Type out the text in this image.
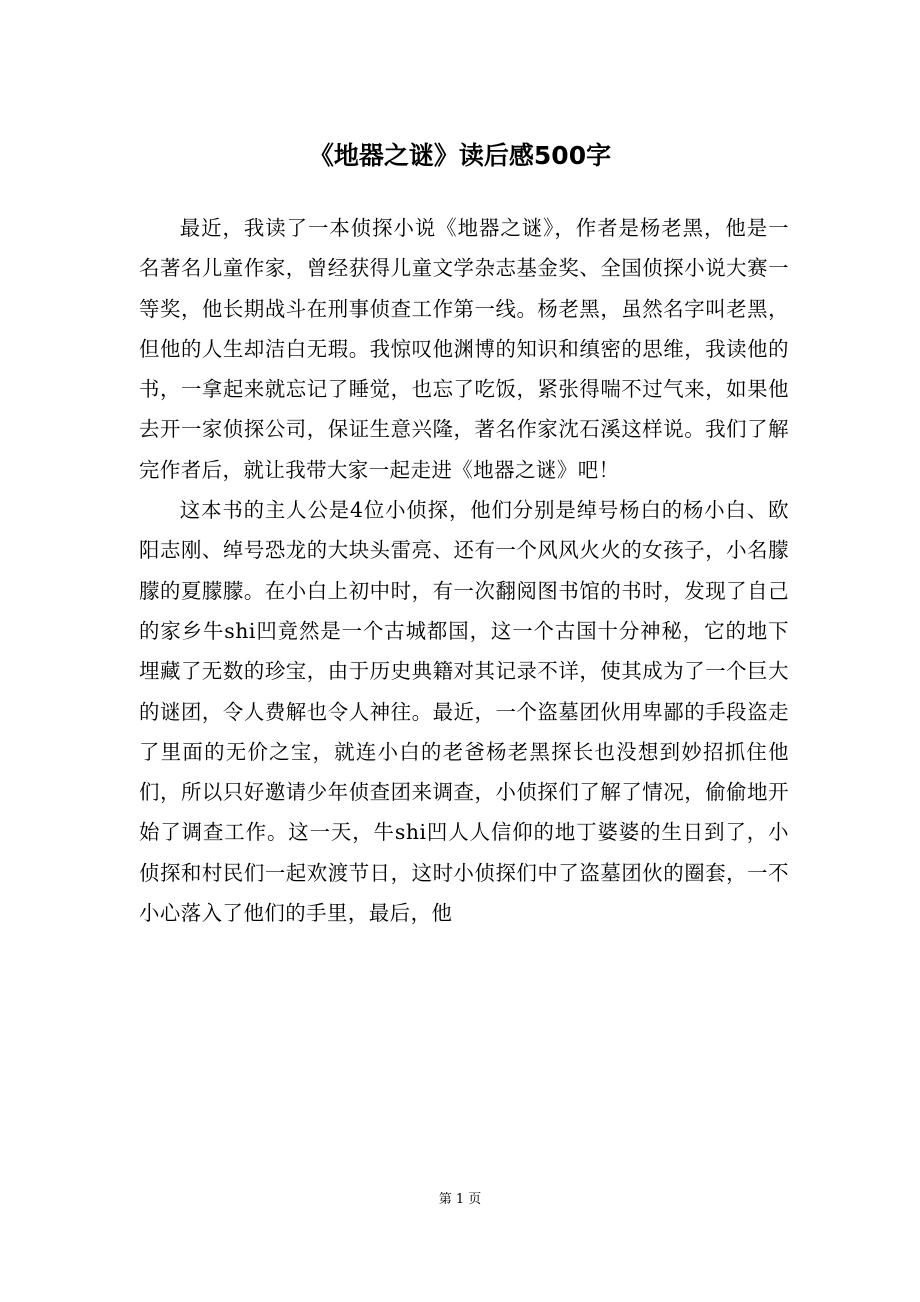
《地器之谜》读后感500字

最近，我读了一本侦探小说《地器之谜》，作者是杨老黑，他是一名著名儿童作家，曾经获得儿童文学杂志基金奖、全国侦探小说大赛一等奖，他长期战斗在刑事侦查工作第一线。杨老黑，虽然名字叫老黑，但他的人生却洁白无瑕。我惊叹他渊博的知识和缜密的思维，我读他的书，一拿起来就忘记了睡觉，也忘了吃饭，紧张得喘不过气来，如果他去开一家侦探公司，保证生意兴隆，著名作家沈石溪这样说。我们了解完作者后，就让我带大家一起走进《地器之谜》吧！

这本书的主人公是4位小侦探，他们分别是绰号杨白的杨小白、欧阳志刚、绰号恐龙的大块头雷亮、还有一个风风火火的女孩子，小名朦朦的夏朦朦。在小白上初中时，有一次翻阅图书馆的书时，发现了自己的家乡牛shi凹竟然是一个古城都国，这一个古国十分神秘，它的地下埋藏了无数的珍宝，由于历史典籍对其记录不详，使其成为了一个巨大的谜团，令人费解也令人神往。最近，一个盗墓团伙用卑鄙的手段盗走了里面的无价之宝，就连小白的老爸杨老黑探长也没想到妙招抓住他们，所以只好邀请少年侦查团来调查，小侦探们了解了情况，偷偷地开始了调查工作。这一天，牛shi凹人人信仰的地丁婆婆的生日到了，小侦探和村民们一起欢渡节日，这时小侦探们中了盗墓团伙的圈套，一不小心落入了他们的手里，最后，他

第 1 页
